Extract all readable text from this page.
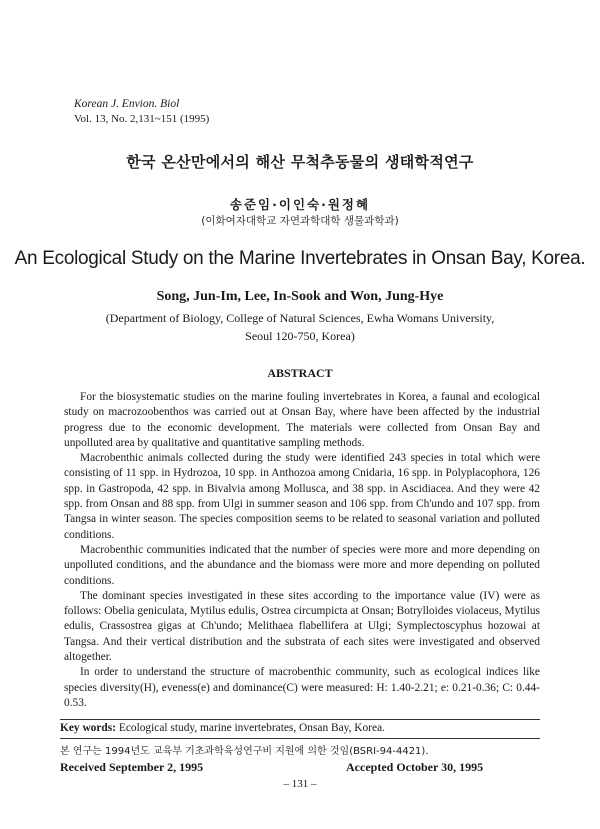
Korean J. Envion. Biol
Vol. 13, No. 2,131~151 (1995)
한국 온산만에서의 해산 무척추동물의 생태학적연구
송준임·이인숙·원정혜
(이화여자대학교 자연과학대학 생물과학과)
An Ecological Study on the Marine Invertebrates in Onsan Bay, Korea.
Song, Jun-Im, Lee, In-Sook and Won, Jung-Hye
(Department of Biology, College of Natural Sciences, Ewha Womans University,
Seoul 120-750, Korea)
ABSTRACT

For the biosystematic studies on the marine fouling invertebrates in Korea, a faunal and ecological study on macrozoobenthos was carried out at Onsan Bay, where have been affected by the industrial progress due to the economic development. The materials were collected from Onsan Bay and unpolluted area by qualitative and quantitative sampling methods.

Macrobenthic animals collected during the study were identified 243 species in total which were consisting of 11 spp. in Hydrozoa, 10 spp. in Anthozoa among Cnidaria, 16 spp. in Polyplacophora, 126 spp. in Gastropoda, 42 spp. in Bivalvia among Mollusca, and 38 spp. in Ascidiacea. And they were 42 spp. from Onsan and 88 spp. from Ulgi in summer season and 106 spp. from Ch'undo and 107 spp. from Tangsa in winter season. The species composition seems to be related to seasonal variation and polluted conditions.

Macrobenthic communities indicated that the number of species were more and more depending on unpolluted conditions, and the abundance and the biomass were more and more depending on polluted conditions.

The dominant species investigated in these sites according to the importance value (IV) were as follows: Obelia geniculata, Mytilus edulis, Ostrea circumpicta at Onsan; Botrylloides violaceus, Mytilus edulis, Crassostrea gigas at Ch'undo; Melithaea flabellifera at Ulgi; Symplectoscyphus hozowai at Tangsa. And their vertical distribution and the substrata of each sites were investigated and observed altogether.

In order to understand the structure of macrobenthic community, such as ecological indices like species diversity(H), eveness(e) and dominance(C) were measured: H: 1.40-2.21; e: 0.21-0.36; C: 0.44-0.53.

Key words: Ecological study, marine invertebrates, Onsan Bay, Korea.
본 연구는 1994년도 교육부 기초과학육성연구비 지원에 의한 것임(BSRI-94-4421).
Received September 2, 1995	Accepted October 30, 1995
– 131 –
